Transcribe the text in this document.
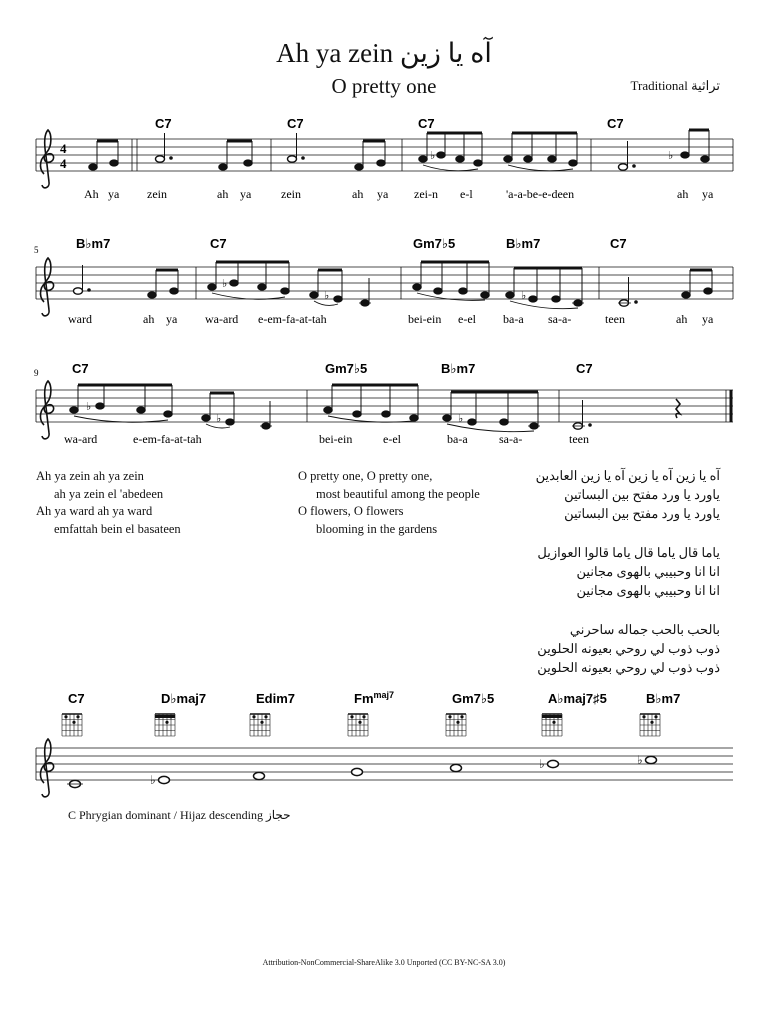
Ah ya zein آه يا زين
O pretty one	Traditional تراثية
4
4
♭	♭
C7	C7	C7	C7
Ah ya zein	ah ya zein	ah ya zei-n e-l	'a-a-be-e-deen	ah ya
5
♭
♭	♭
B♭m7	C7	Gm7♭5	B♭m7	C7
ward	ah ya wa-ard e-em-fa-at-tah	bei-ein e-el ba-a sa-a-	teen	ah ya
9
♭
♭	♭
C7	Gm7♭5	B♭m7	C7
wa-ard	e-em-fa-at-tah	bei-ein	e-el	ba-a	sa-a-	teen
C7	D♭maj7	Edim7	$Fm^{maj7}$	Gm7♭5	A♭maj7♯5	B♭m7
♭
♭	♭
Ah ya zein ah ya zein
ah ya zein el 'abedeen
Ah ya ward ah ya ward
emfattah bein el basateen
O pretty one, O pretty one,
most beautiful among the people
O flowers, O flowers
blooming in the gardens
آه يا زين آه يا زين آه يا زين العابدين
ياورد يا ورد مفتح بين البساتين
ياورد يا ورد مفتح بين البساتين
ياما قال ياما قال ياما قالوا العوازيل
انا انا وحبيبي بالهوى مجانين
انا انا وحبيبي بالهوى مجانين
بالحب بالحب جماله ساحرني
ذوب ذوب لي روحي بعيونه الحلوين
ذوب ذوب لي روحي بعيونه الحلوين
C Phrygian dominant / Hijaz descending حجاز
Attribution-NonCommercial-ShareAlike 3.0 Unported (CC BY-NC-SA 3.0)
